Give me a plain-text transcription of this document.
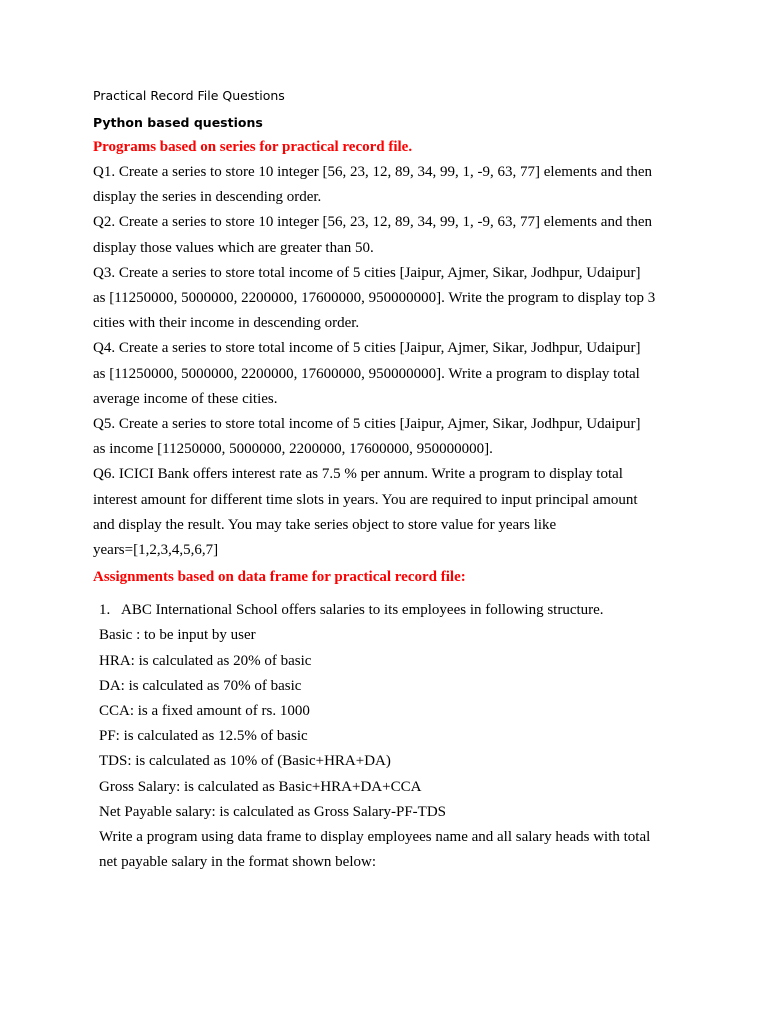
Practical Record File Questions

Python based questions

Programs based on series for practical record file.

Q1. Create a series to store 10 integer [56, 23, 12, 89, 34, 99, 1, -9, 63, 77] elements and then

display the series in descending order.

Q2. Create a series to store 10 integer [56, 23, 12, 89, 34, 99, 1, -9, 63, 77] elements and then

display those values which are greater than 50.

Q3. Create a series to store total income of 5 cities [Jaipur, Ajmer, Sikar, Jodhpur, Udaipur]

as [11250000, 5000000, 2200000, 17600000, 950000000]. Write the program to display top 3

cities with their income in descending order.

Q4. Create a series to store total income of 5 cities [Jaipur, Ajmer, Sikar, Jodhpur, Udaipur]

as [11250000, 5000000, 2200000, 17600000, 950000000]. Write a program to display total

average income of these cities.

Q5. Create a series to store total income of 5 cities [Jaipur, Ajmer, Sikar, Jodhpur, Udaipur]

as income [11250000, 5000000, 2200000, 17600000, 950000000].

Q6. ICICI Bank offers interest rate as 7.5 % per annum. Write a program to display total

interest amount for different time slots in years. You are required to input principal amount

and display the result. You may take series object to store value for years like

years=[1,2,3,4,5,6,7]

Assignments based on data frame for practical record file:

1. ABC International School offers salaries to its employees in following structure.

Basic : to be input by user

HRA: is calculated as 20% of basic

DA: is calculated as 70% of basic

CCA: is a fixed amount of rs. 1000

PF: is calculated as 12.5% of basic

TDS: is calculated as 10% of (Basic+HRA+DA)

Gross Salary: is calculated as Basic+HRA+DA+CCA

Net Payable salary: is calculated as Gross Salary-PF-TDS

Write a program using data frame to display employees name and all salary heads with total

net payable salary in the format shown below:
